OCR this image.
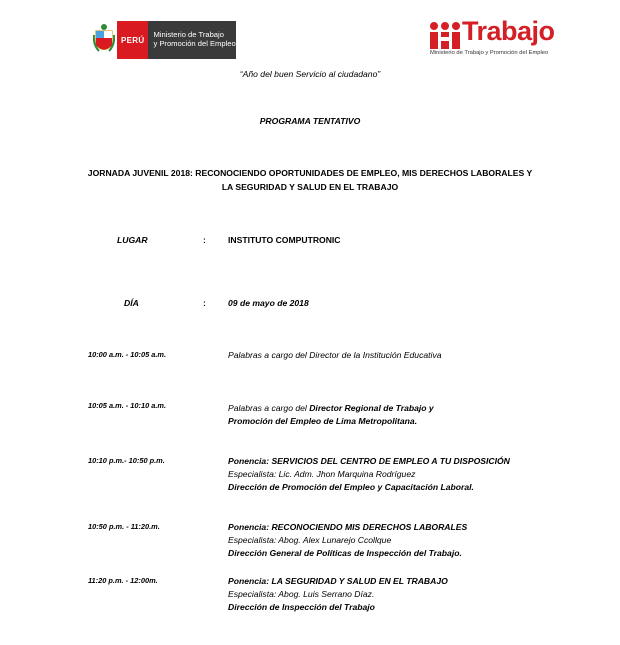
PERÚ
Ministerio de Trabajo
y Promoción del Empleo	Trabajo
Ministerio de Trabajo y Promoción del Empleo
“Año del buen Servicio al ciudadano”
PROGRAMA TENTATIVO
JORNADA JUVENIL 2018: RECONOCIENDO OPORTUNIDADES DE EMPLEO, MIS DERECHOS LABORALES Y
LA SEGURIDAD Y SALUD EN EL TRABAJO
LUGAR	:	INSTITUTO COMPUTRONIC
DÍA	:	09 de mayo de 2018
10:00 a.m. - 10:05 a.m.	Palabras a cargo del Director de la Institución Educativa
10:05 a.m. - 10:10 a.m.	Palabras a cargo del Director Regional de Trabajo y
Promoción del Empleo de Lima Metropolitana.
10:10 p.m.- 10:50 p.m.	Ponencia: SERVICIOS DEL CENTRO DE EMPLEO A TU DISPOSICIÓN
Especialista: Lic. Adm. Jhon Marquina Rodríguez
Dirección de Promoción del Empleo y Capacitación Laboral.
10:50 p.m. - 11:20.m.	Ponencia: RECONOCIENDO MIS DERECHOS LABORALES
Especialista: Abog. Alex Lunarejo Ccollque
Dirección General de Políticas de Inspección del Trabajo.
11:20 p.m. - 12:00m.	Ponencia: LA SEGURIDAD Y SALUD EN EL TRABAJO
Especialista: Abog. Luis Serrano Díaz.
Dirección de Inspección del Trabajo
